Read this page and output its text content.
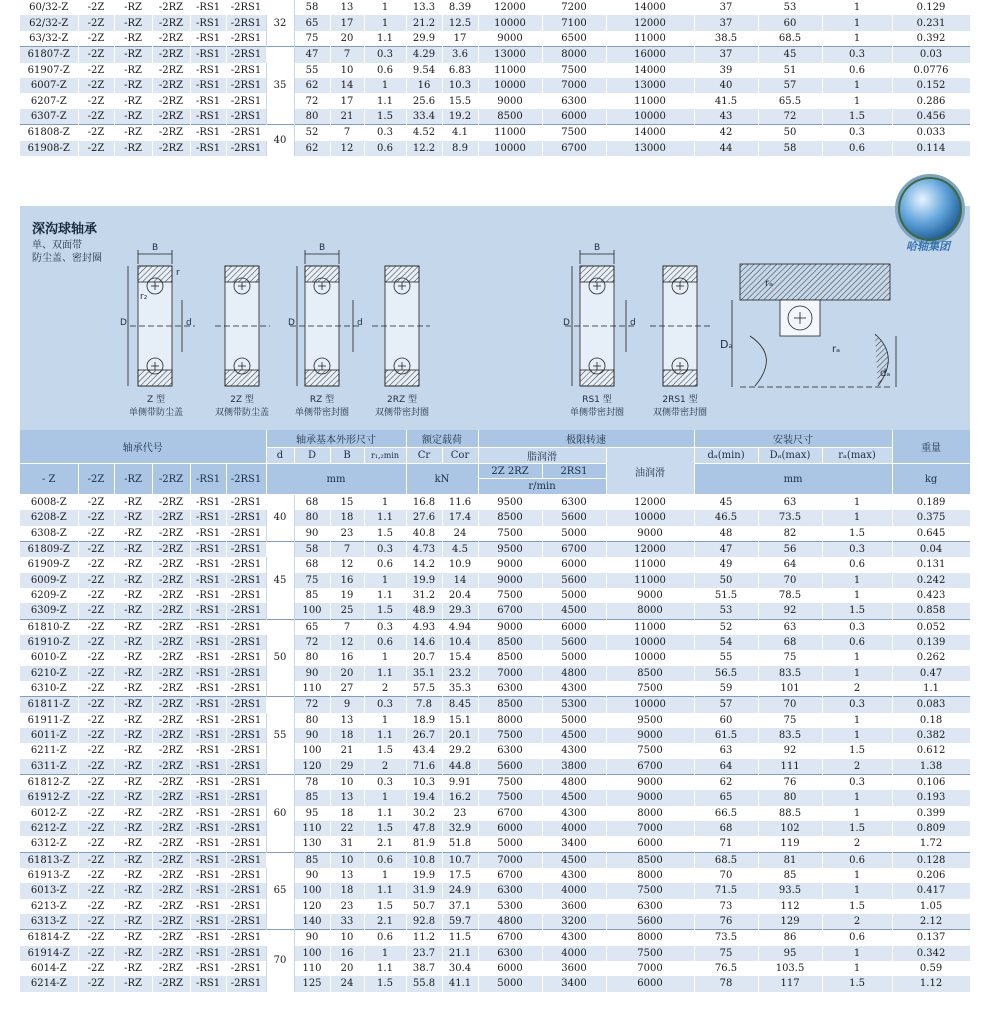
60/32-Z	-2Z	-RZ	-2RZ	-RS1	-2RS1	32	58	13	1	13.3	8.39	12000	7200	14000	37	53	1	0.129
62/32-Z	-2Z	-RZ	-2RZ	-RS1	-2RS1		65	17	1	21.2	12.5	10000	7100	12000	37	60	1	0.231
63/32-Z	-2Z	-RZ	-2RZ	-RS1	-2RS1		75	20	1.1	29.9	17	9000	6500	11000	38.5	68.5	1	0.392
61807-Z	-2Z	-RZ	-2RZ	-RS1	-2RS1	35	47	7	0.3	4.29	3.6	13000	8000	16000	37	45	0.3	0.03
61907-Z	-2Z	-RZ	-2RZ	-RS1	-2RS1		55	10	0.6	9.54	6.83	11000	7500	14000	39	51	0.6	0.0776
6007-Z	-2Z	-RZ	-2RZ	-RS1	-2RS1		62	14	1	16	10.3	10000	7000	13000	40	57	1	0.152
6207-Z	-2Z	-RZ	-2RZ	-RS1	-2RS1		72	17	1.1	25.6	15.5	9000	6300	11000	41.5	65.5	1	0.286
6307-Z	-2Z	-RZ	-2RZ	-RS1	-2RS1		80	21	1.5	33.4	19.2	8500	6000	10000	43	72	1.5	0.456
61808-Z	-2Z	-RZ	-2RZ	-RS1	-2RS1	40	52	7	0.3	4.52	4.1	11000	7500	14000	42	50	0.3	0.033
61908-Z	-2Z	-RZ	-2RZ	-RS1	-2RS1		62	12	0.6	12.2	8.9	10000	6700	13000	44	58	0.6	0.114
哈轴集团
深沟球轴承
单、双面带
防尘盖、密封圈
B
r
r₂
D	d
B
D	d
B
D	d
rₐ
Dₐ	rₐ
dₐ
Z 型
单侧带防尘盖
2Z 型
双侧带防尘盖
RZ 型
单侧带密封圈
2RZ 型
双侧带密封圈
RS1 型
单侧带密封圈
2RS1 型
双侧带密封圈
轴承代号						轴承基本外形尺寸				额定载荷		极限转速			安装尺寸			重量
						d	D	B	r₁,₂min	Cr	Cor	脂润滑		油润滑	dₐ(min)	Dₐ(max)	rₐ(max)	
- Z	-2Z	-RZ	-2RZ	-RS1	-2RS1	mm				kN		2Z 2RZ	2RS1		mm			kg
												r/min						
6008-Z	-2Z	-RZ	-2RZ	-RS1	-2RS1	40	68	15	1	16.8	11.6	9500	6300	12000	45	63	1	0.189
6208-Z	-2Z	-RZ	-2RZ	-RS1	-2RS1		80	18	1.1	27.6	17.4	8500	5600	10000	46.5	73.5	1	0.375
6308-Z	-2Z	-RZ	-2RZ	-RS1	-2RS1		90	23	1.5	40.8	24	7500	5000	9000	48	82	1.5	0.645
61809-Z	-2Z	-RZ	-2RZ	-RS1	-2RS1	45	58	7	0.3	4.73	4.5	9500	6700	12000	47	56	0.3	0.04
61909-Z	-2Z	-RZ	-2RZ	-RS1	-2RS1		68	12	0.6	14.2	10.9	9000	6000	11000	49	64	0.6	0.131
6009-Z	-2Z	-RZ	-2RZ	-RS1	-2RS1		75	16	1	19.9	14	9000	5600	11000	50	70	1	0.242
6209-Z	-2Z	-RZ	-2RZ	-RS1	-2RS1		85	19	1.1	31.2	20.4	7500	5000	9000	51.5	78.5	1	0.423
6309-Z	-2Z	-RZ	-2RZ	-RS1	-2RS1		100	25	1.5	48.9	29.3	6700	4500	8000	53	92	1.5	0.858
61810-Z	-2Z	-RZ	-2RZ	-RS1	-2RS1	50	65	7	0.3	4.93	4.94	9000	6000	11000	52	63	0.3	0.052
61910-Z	-2Z	-RZ	-2RZ	-RS1	-2RS1		72	12	0.6	14.6	10.4	8500	5600	10000	54	68	0.6	0.139
6010-Z	-2Z	-RZ	-2RZ	-RS1	-2RS1		80	16	1	20.7	15.4	8500	5000	10000	55	75	1	0.262
6210-Z	-2Z	-RZ	-2RZ	-RS1	-2RS1		90	20	1.1	35.1	23.2	7000	4800	8500	56.5	83.5	1	0.47
6310-Z	-2Z	-RZ	-2RZ	-RS1	-2RS1		110	27	2	57.5	35.3	6300	4300	7500	59	101	2	1.1
61811-Z	-2Z	-RZ	-2RZ	-RS1	-2RS1	55	72	9	0.3	7.8	8.45	8500	5300	10000	57	70	0.3	0.083
61911-Z	-2Z	-RZ	-2RZ	-RS1	-2RS1		80	13	1	18.9	15.1	8000	5000	9500	60	75	1	0.18
6011-Z	-2Z	-RZ	-2RZ	-RS1	-2RS1		90	18	1.1	26.7	20.1	7500	4500	9000	61.5	83.5	1	0.382
6211-Z	-2Z	-RZ	-2RZ	-RS1	-2RS1		100	21	1.5	43.4	29.2	6300	4300	7500	63	92	1.5	0.612
6311-Z	-2Z	-RZ	-2RZ	-RS1	-2RS1		120	29	2	71.6	44.8	5600	3800	6700	64	111	2	1.38
61812-Z	-2Z	-RZ	-2RZ	-RS1	-2RS1	60	78	10	0.3	10.3	9.91	7500	4800	9000	62	76	0.3	0.106
61912-Z	-2Z	-RZ	-2RZ	-RS1	-2RS1		85	13	1	19.4	16.2	7500	4500	9000	65	80	1	0.193
6012-Z	-2Z	-RZ	-2RZ	-RS1	-2RS1		95	18	1.1	30.2	23	6700	4300	8000	66.5	88.5	1	0.399
6212-Z	-2Z	-RZ	-2RZ	-RS1	-2RS1		110	22	1.5	47.8	32.9	6000	4000	7000	68	102	1.5	0.809
6312-Z	-2Z	-RZ	-2RZ	-RS1	-2RS1		130	31	2.1	81.9	51.8	5000	3400	6000	71	119	2	1.72
61813-Z	-2Z	-RZ	-2RZ	-RS1	-2RS1	65	85	10	0.6	10.8	10.7	7000	4500	8500	68.5	81	0.6	0.128
61913-Z	-2Z	-RZ	-2RZ	-RS1	-2RS1		90	13	1	19.9	17.5	6700	4300	8000	70	85	1	0.206
6013-Z	-2Z	-RZ	-2RZ	-RS1	-2RS1		100	18	1.1	31.9	24.9	6300	4000	7500	71.5	93.5	1	0.417
6213-Z	-2Z	-RZ	-2RZ	-RS1	-2RS1		120	23	1.5	50.7	37.1	5300	3600	6300	73	112	1.5	1.05
6313-Z	-2Z	-RZ	-2RZ	-RS1	-2RS1		140	33	2.1	92.8	59.7	4800	3200	5600	76	129	2	2.12
61814-Z	-2Z	-RZ	-2RZ	-RS1	-2RS1	70	90	10	0.6	11.2	11.5	6700	4300	8000	73.5	86	0.6	0.137
61914-Z	-2Z	-RZ	-2RZ	-RS1	-2RS1		100	16	1	23.7	21.1	6300	4000	7500	75	95	1	0.342
6014-Z	-2Z	-RZ	-2RZ	-RS1	-2RS1		110	20	1.1	38.7	30.4	6000	3600	7000	76.5	103.5	1	0.59
6214-Z	-2Z	-RZ	-2RZ	-RS1	-2RS1		125	24	1.5	55.8	41.1	5000	3400	6000	78	117	1.5	1.12
